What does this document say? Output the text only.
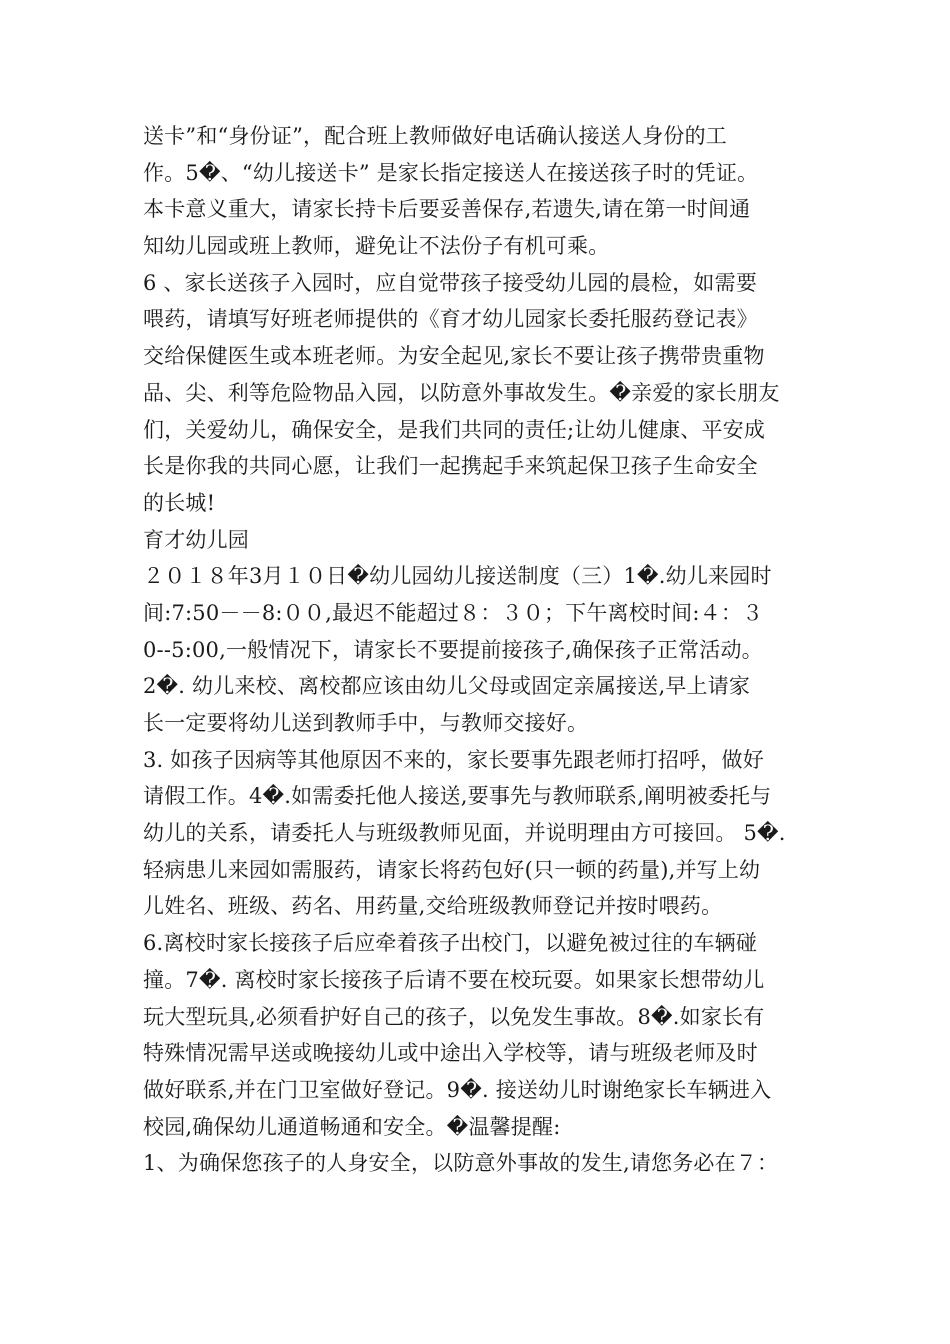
送卡”和“身份证”，配合班上教师做好电话确认接送人身份的工
作。5�、“幼儿接送卡” 是家长指定接送人在接送孩子时的凭证。
本卡意义重大，请家长持卡后要妥善保存,若遗失,请在第一时间通
知幼儿园或班上教师，避免让不法份子有机可乘。
6 、家长送孩子入园时，应自觉带孩子接受幼儿园的晨检，如需要
喂药，请填写好班老师提供的《育才幼儿园家长委托服药登记表》
交给保健医生或本班老师。为安全起见,家长不要让孩子携带贵重物
品、尖、利等危险物品入园，以防意外事故发生。�亲爱的家长朋友
们，关爱幼儿，确保安全，是我们共同的责任;让幼儿健康、平安成
长是你我的共同心愿，让我们一起携起手来筑起保卫孩子生命安全
的长城!
育才幼儿园
２０１８年3月１０日�幼儿园幼儿接送制度（三）1�.幼儿来园时
间:7:50－－8:００,最迟不能超过８：３０；下午离校时间:４：３
0--5:00,一般情况下，请家长不要提前接孩子,确保孩子正常活动。
2�. 幼儿来校、离校都应该由幼儿父母或固定亲属接送,早上请家
长一定要将幼儿送到教师手中，与教师交接好。
3. 如孩子因病等其他原因不来的，家长要事先跟老师打招呼，做好
请假工作。4�.如需委托他人接送,要事先与教师联系,阐明被委托与
幼儿的关系，请委托人与班级教师见面，并说明理由方可接回。 5�.
轻病患儿来园如需服药，请家长将药包好(只一顿的药量),并写上幼
儿姓名、班级、药名、用药量,交给班级教师登记并按时喂药。
6.离校时家长接孩子后应牵着孩子出校门，以避免被过往的车辆碰
撞。7�. 离校时家长接孩子后请不要在校玩耍。如果家长想带幼儿
玩大型玩具,必须看护好自己的孩子，以免发生事故。8�.如家长有
特殊情况需早送或晚接幼儿或中途出入学校等，请与班级老师及时
做好联系,并在门卫室做好登记。9�. 接送幼儿时谢绝家长车辆进入
校园,确保幼儿通道畅通和安全。�温馨提醒:
1、为确保您孩子的人身安全，以防意外事故的发生,请您务必在７：
